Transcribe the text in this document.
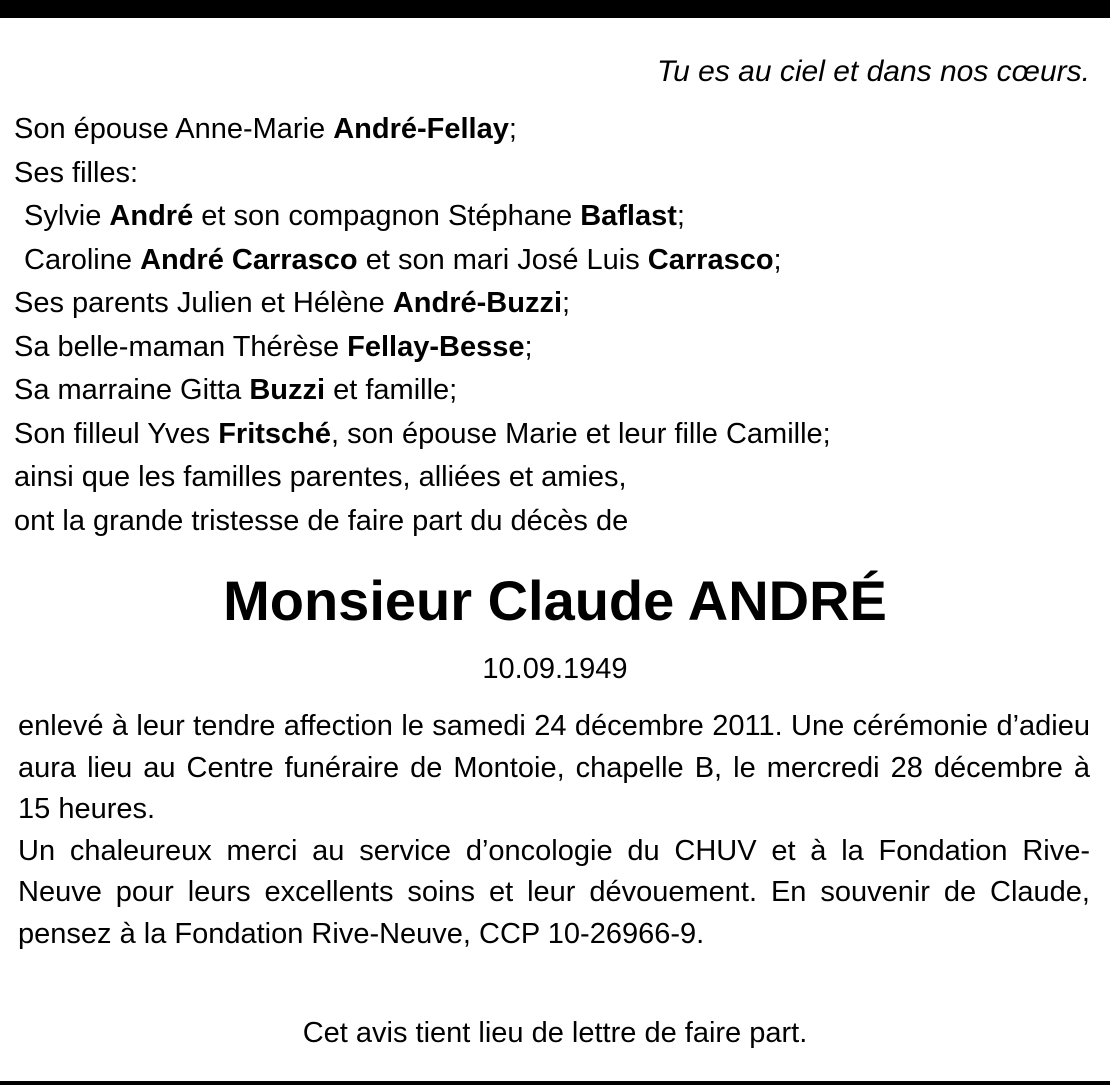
Tu es au ciel et dans nos cœurs.
Son épouse Anne-Marie André-Fellay;
Ses filles:
Sylvie André et son compagnon Stéphane Baflast;
Caroline André Carrasco et son mari José Luis Carrasco;
Ses parents Julien et Hélène André-Buzzi;
Sa belle-maman Thérèse Fellay-Besse;
Sa marraine Gitta Buzzi et famille;
Son filleul Yves Fritsché, son épouse Marie et leur fille Camille;
ainsi que les familles parentes, alliées et amies,
ont la grande tristesse de faire part du décès de
Monsieur Claude ANDRÉ
10.09.1949

enlevé à leur tendre affection le samedi 24 décembre 2011. Une cérémonie d’adieu aura lieu au Centre funéraire de Montoie, chapelle B, le mercredi 28 décembre à 15 heures.

Un chaleureux merci au service d’oncologie du CHUV et à la Fondation Rive-Neuve pour leurs excellents soins et leur dévouement. En souvenir de Claude, pensez à la Fondation Rive-Neuve, CCP 10-26966-9.

Cet avis tient lieu de lettre de faire part.
